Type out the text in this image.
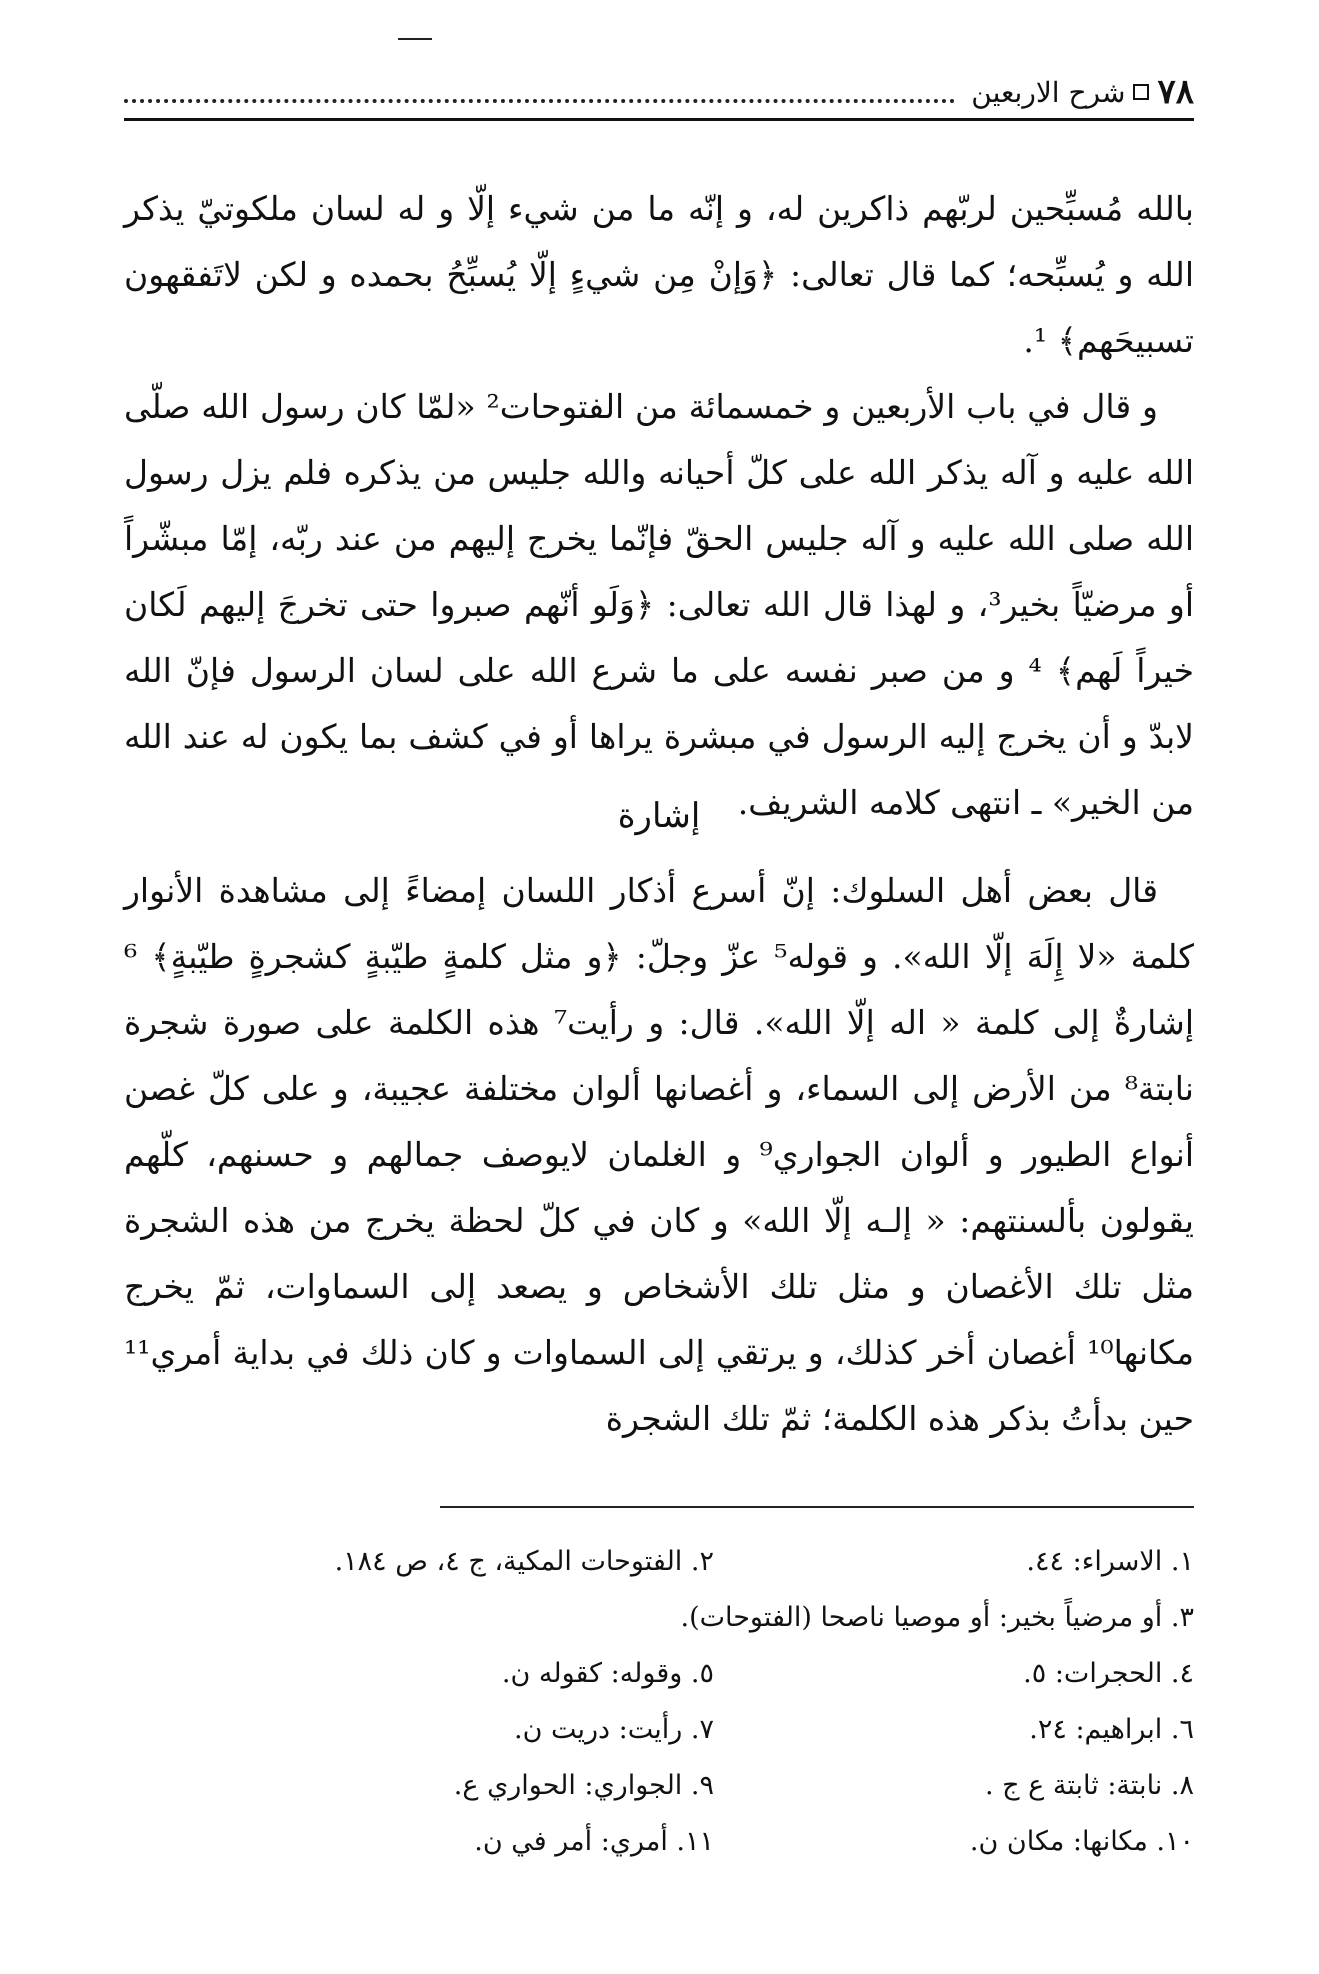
٧٨
شرح الاربعين

بالله مُسبِّحين لربّهم ذاكرين له، و إنّه ما من شيء إلّا و له لسان ملكوتيّ يذكر الله و يُسبِّحه؛ كما قال تعالى: ﴿وَإنْ مِن شيءٍ إلّا يُسبِّحُ بحمده و لكن لاتَفقهون تسبيحَهم﴾ ¹.

و قال في باب الأربعين و خمسمائة من الفتوحات² «لمّا كان رسول الله صلّى الله عليه و آله يذكر الله على كلّ أحيانه والله جليس من يذكره فلم يزل رسول الله صلى الله عليه و آله جليس الحقّ فإنّما يخرج إليهم من عند ربّه، إمّا مبشّراً أو مرضيّاً بخير³، و لهذا قال الله تعالى: ﴿وَلَو أنّهم صبروا حتى تخرجَ إليهم لَكان خيراً لَهم﴾ ⁴ و من صبر نفسه على ما شرع الله على لسان الرسول فإنّ الله لابدّ و أن يخرج إليه الرسول في مبشرة يراها أو في كشف بما يكون له عند الله من الخير» ـ انتهى كلامه الشريف.

إشارة

قال بعض أهل السلوك: إنّ أسرع أذكار اللسان إمضاءً إلى مشاهدة الأنوار كلمة «لا إِلَهَ إلّا الله». و قوله⁵ عزّ وجلّ: ﴿و مثل كلمةٍ طيّبةٍ كشجرةٍ طيّبةٍ﴾ ⁶ إشارةٌ إلى كلمة « اله إلّا الله». قال: و رأيت⁷ هذه الكلمة على صورة شجرة نابتة⁸ من الأرض إلى السماء، و أغصانها ألوان مختلفة عجيبة، و على كلّ غصن أنواع الطيور و ألوان الجواري⁹ و الغلمان لايوصف جمالهم و حسنهم، كلّهم يقولون بألسنتهم: « إلـه إلّا الله» و كان في كلّ لحظة يخرج من هذه الشجرة مثل تلك الأغصان و مثل تلك الأشخاص و يصعد إلى السماوات، ثمّ يخرج مكانها¹⁰ أغصان أخر كذلك، و يرتقي إلى السماوات و كان ذلك في بداية أمري¹¹ حين بدأتُ بذكر هذه الكلمة؛ ثمّ تلك الشجرة

١. الاسراء: ٤٤.
٢. الفتوحات المكية، ج ٤، ص ١٨٤.
٣. أو مرضياً بخير: أو موصيا ناصحا (الفتوحات).
٤. الحجرات: ٥.
٥. وقوله: كقوله ن.
٦. ابراهيم: ٢٤.
٧. رأيت: دريت ن.
٨. نابتة: ثابتة ع ج .
٩. الجواري: الحواري ع.
١٠. مكانها: مكان ن.
١١. أمري: أمر في ن.
